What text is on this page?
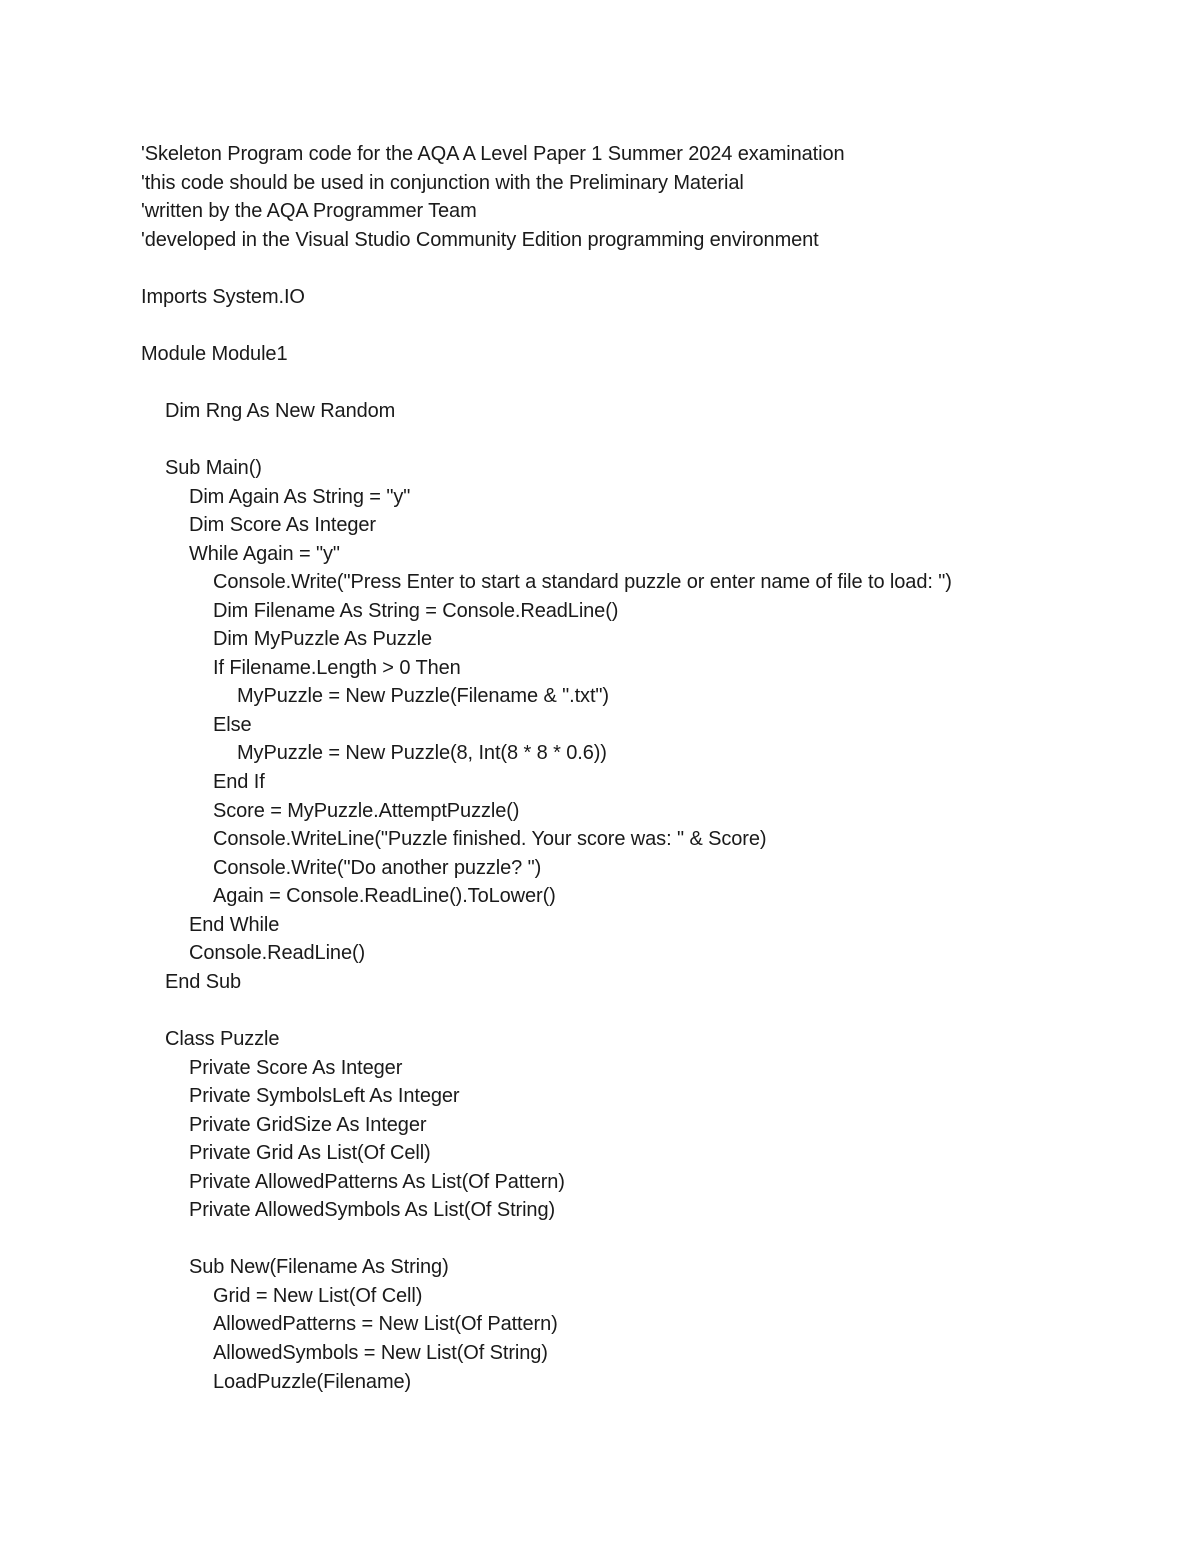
'Skeleton Program code for the AQA A Level Paper 1 Summer 2024 examination
'this code should be used in conjunction with the Preliminary Material
'written by the AQA Programmer Team
'developed in the Visual Studio Community Edition programming environment
Imports System.IO
Module Module1
Dim Rng As New Random
Sub Main()
Dim Again As String = "y"
Dim Score As Integer
While Again = "y"
Console.Write("Press Enter to start a standard puzzle or enter name of file to load: ")
Dim Filename As String = Console.ReadLine()
Dim MyPuzzle As Puzzle
If Filename.Length > 0 Then
MyPuzzle = New Puzzle(Filename & ".txt")
Else
MyPuzzle = New Puzzle(8, Int(8 * 8 * 0.6))
End If
Score = MyPuzzle.AttemptPuzzle()
Console.WriteLine("Puzzle finished. Your score was: " & Score)
Console.Write("Do another puzzle? ")
Again = Console.ReadLine().ToLower()
End While
Console.ReadLine()
End Sub
Class Puzzle
Private Score As Integer
Private SymbolsLeft As Integer
Private GridSize As Integer
Private Grid As List(Of Cell)
Private AllowedPatterns As List(Of Pattern)
Private AllowedSymbols As List(Of String)
Sub New(Filename As String)
Grid = New List(Of Cell)
AllowedPatterns = New List(Of Pattern)
AllowedSymbols = New List(Of String)
LoadPuzzle(Filename)
